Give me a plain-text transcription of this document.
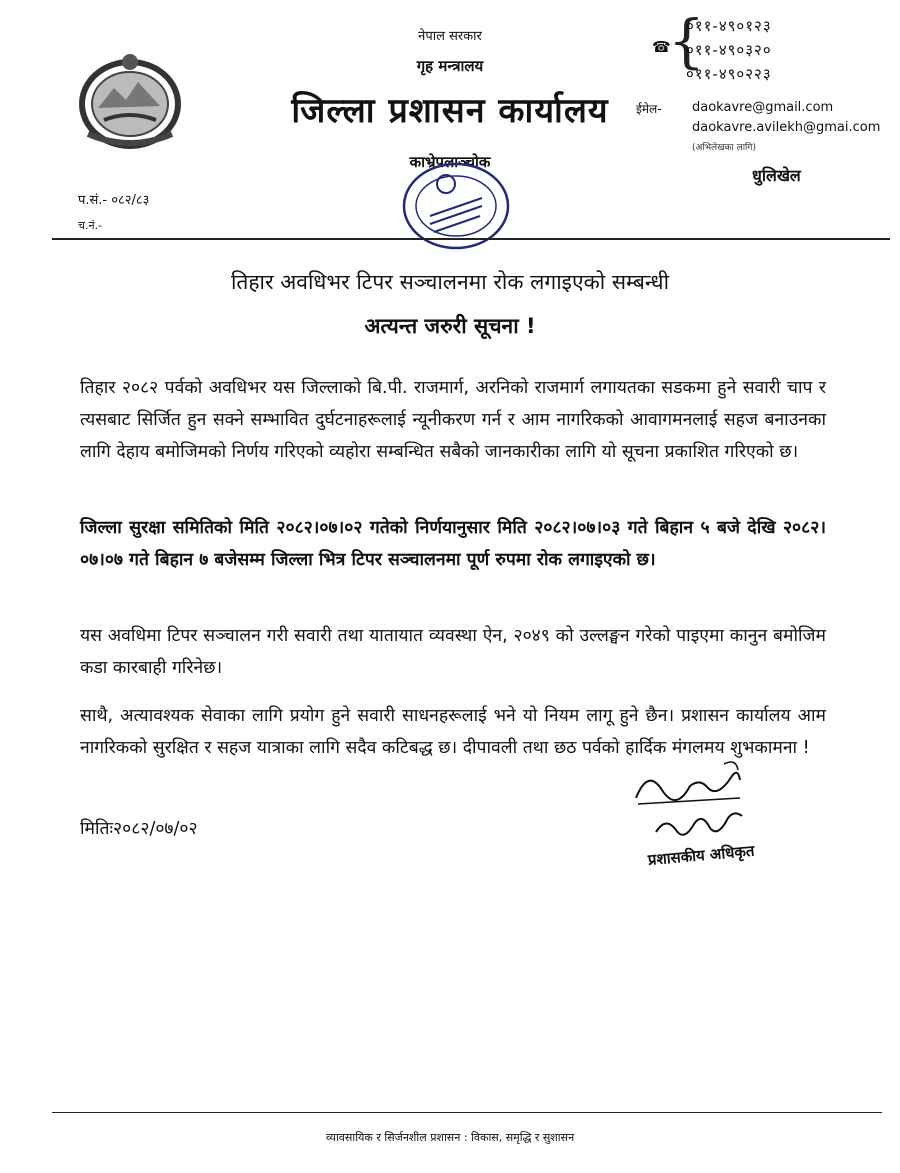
नेपाल सरकार
गृह मन्त्रालय
जिल्ला प्रशासन कार्यालय
काभ्रेपलाञ्चोक
☎
{
०११-४९०१२३
०११-४९०३२०
०११-४९०२२३
ईमेल- daokavre@gmail.com
daokavre.avilekh@gmai.com
(अभिलेखका लागि)
धुलिखेल
प.सं.- ०८२/८३
च.नं.-
तिहार अवधिभर टिपर सञ्चालनमा रोक लगाइएको सम्बन्धी
अत्यन्त जरुरी सूचना !
तिहार २०८२ पर्वको अवधिभर यस जिल्लाको बि.पी. राजमार्ग, अरनिको राजमार्ग लगायतका सडकमा हुने सवारी चाप र त्यसबाट सिर्जित हुन सक्ने सम्भावित दुर्घटनाहरूलाई न्यूनीकरण गर्न र आम नागरिकको आवागमनलाई सहज बनाउनका लागि देहाय बमोजिमको निर्णय गरिएको व्यहोरा सम्बन्धित सबैको जानकारीका लागि यो सूचना प्रकाशित गरिएको छ।
जिल्ला सुरक्षा समितिको मिति २०८२।०७।०२ गतेको निर्णयानुसार मिति २०८२।०७।०३ गते बिहान ५ बजे देखि २०८२।०७।०७ गते बिहान ७ बजेसम्म जिल्ला भित्र टिपर सञ्चालनमा पूर्ण रुपमा रोक लगाइएको छ।
यस अवधिमा टिपर सञ्चालन गरी सवारी तथा यातायात व्यवस्था ऐन, २०४९ को उल्लङ्घन गरेको पाइएमा कानुन बमोजिम कडा कारबाही गरिनेछ।
साथै, अत्यावश्यक सेवाका लागि प्रयोग हुने सवारी साधनहरूलाई भने यो नियम लागू हुने छैन। प्रशासन कार्यालय आम नागरिकको सुरक्षित र सहज यात्राका लागि सदैव कटिबद्ध छ। दीपावली तथा छठ पर्वको हार्दिक मंगलमय शुभकामना !
मितिः२०८२/०७/०२
प्रशासकीय अधिकृत
व्यावसायिक र सिर्जनशील प्रशासन : विकास, समृद्धि र सुशासन
